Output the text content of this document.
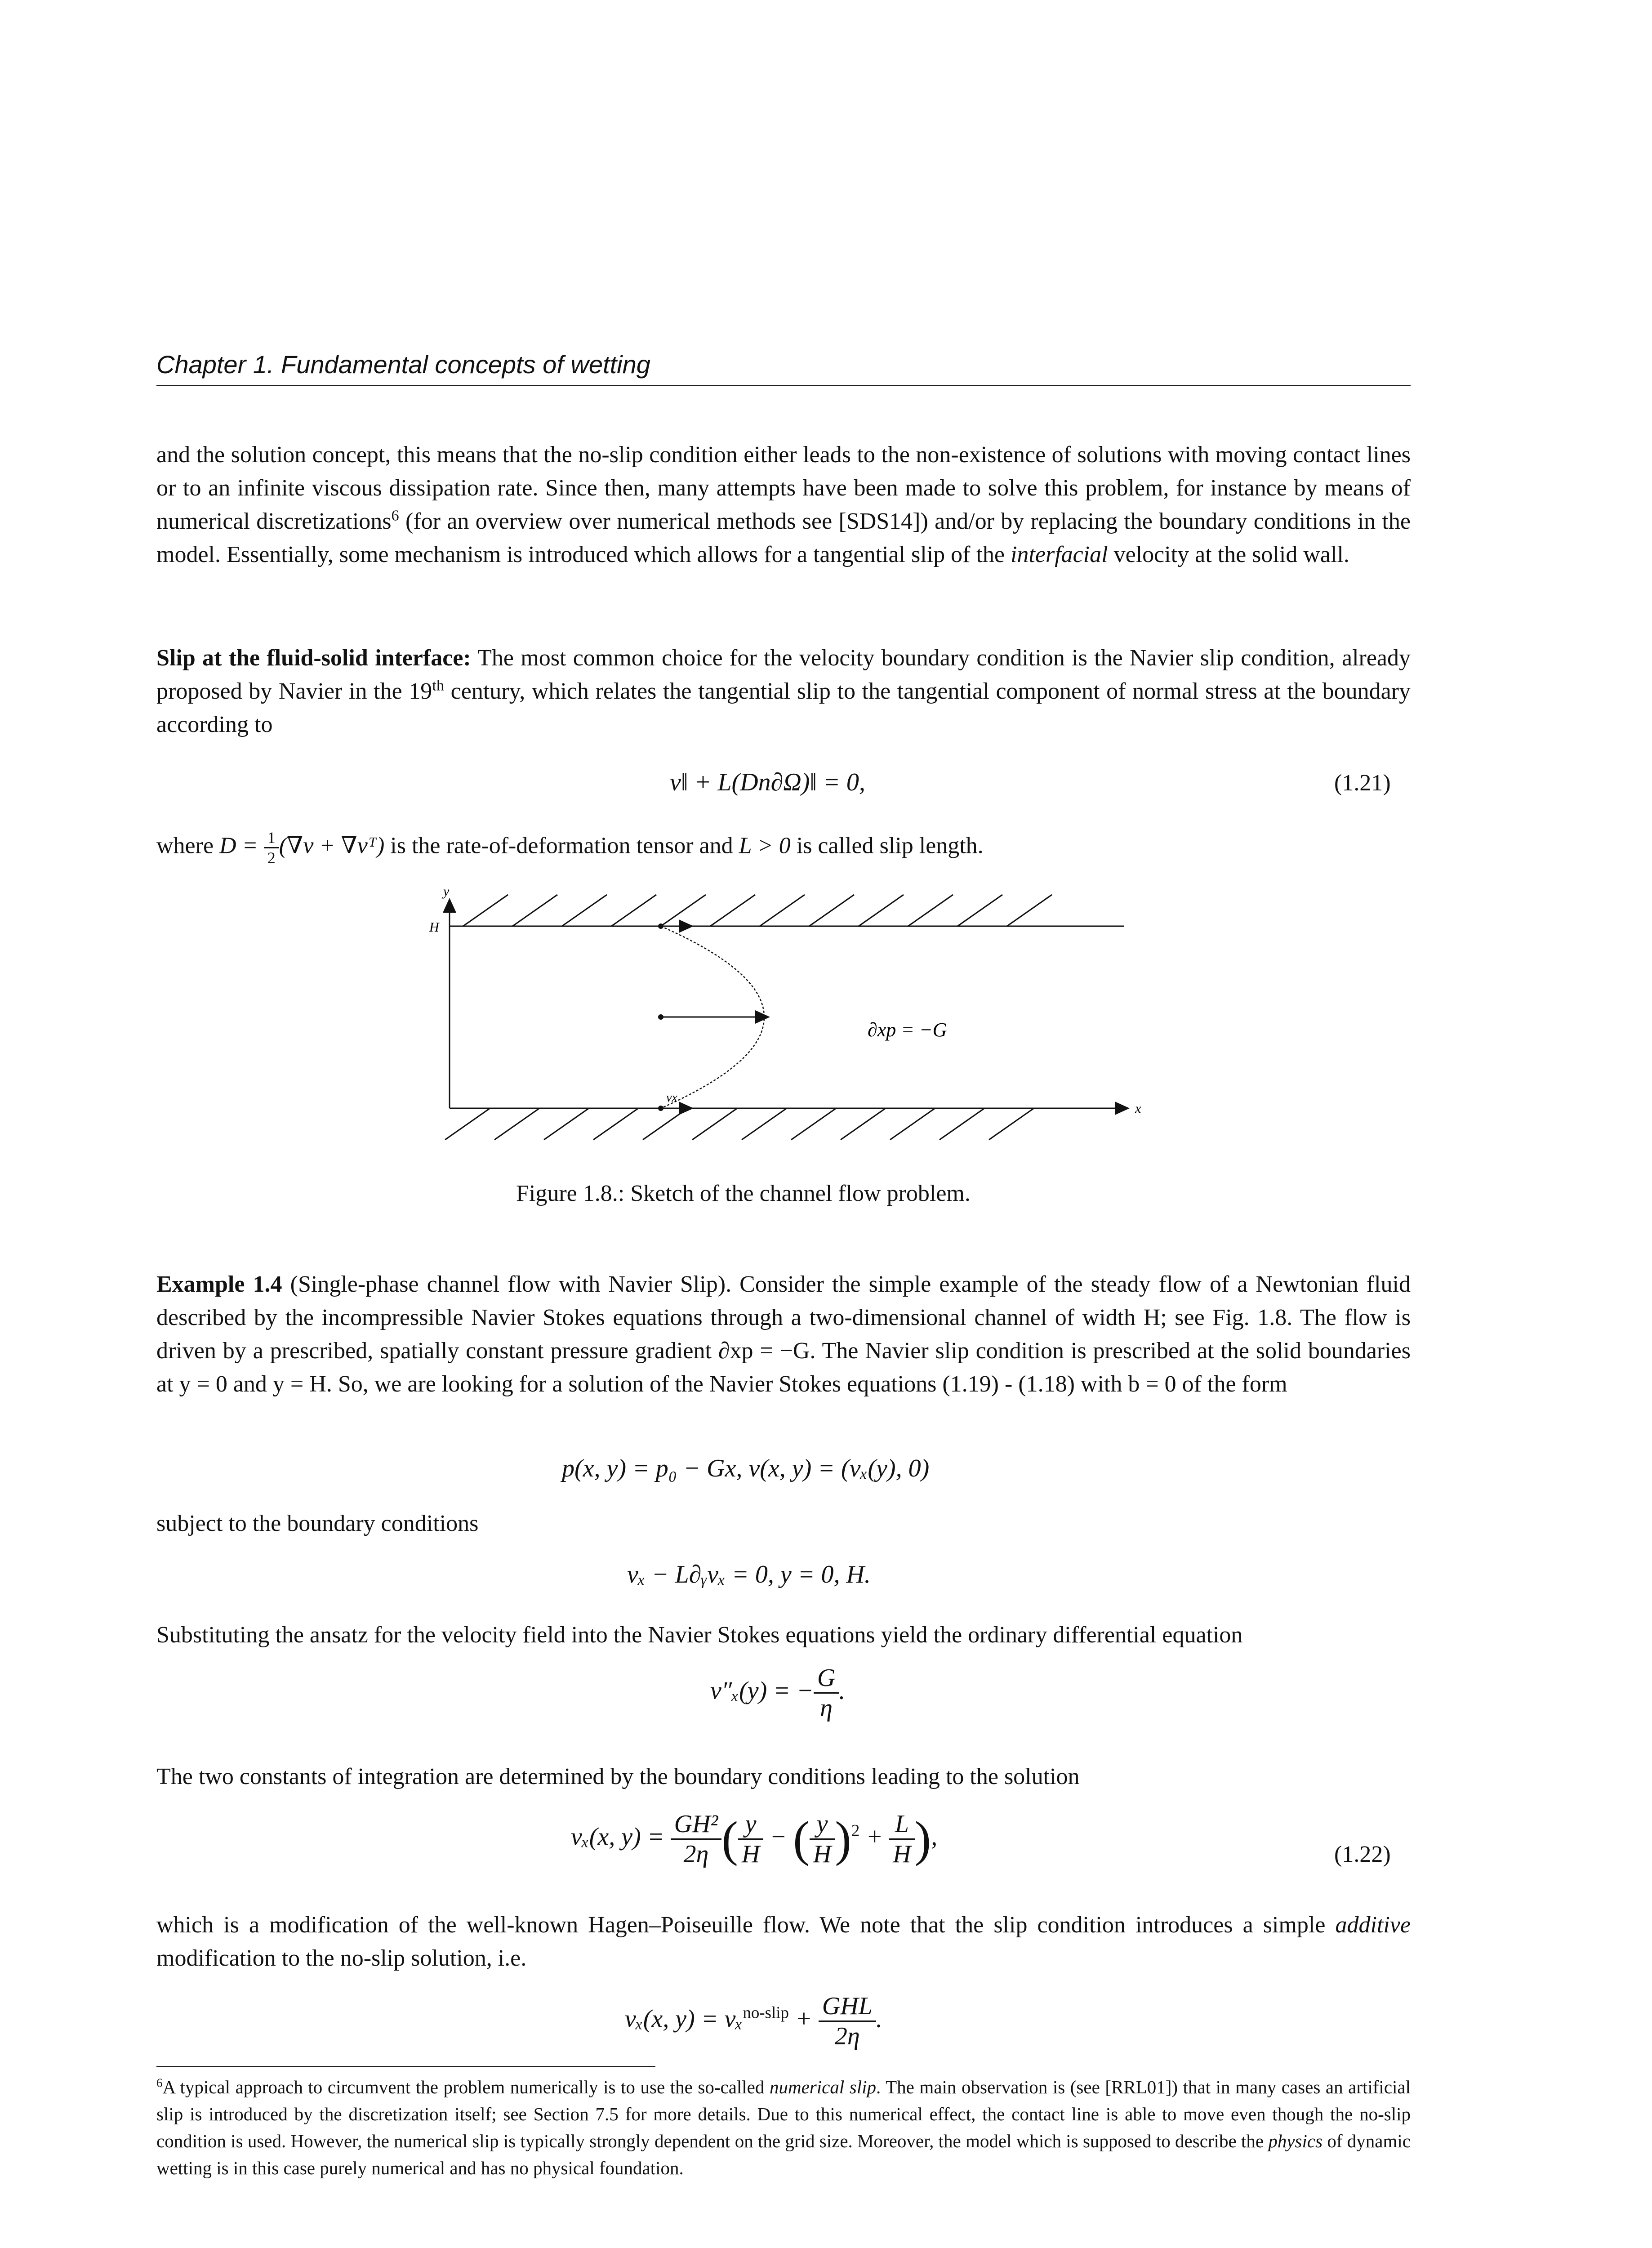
Chapter 1. Fundamental concepts of wetting
and the solution concept, this means that the no-slip condition either leads to the non-existence of solutions with moving contact lines or to an infinite viscous dissipation rate. Since then, many attempts have been made to solve this problem, for instance by means of numerical discretizations$^6$ (for an overview over numerical methods see [SDS14]) and/or by replacing the boundary conditions in the model. Essentially, some mechanism is introduced which allows for a tangential slip of the interfacial velocity at the solid wall.
Slip at the fluid-solid interface: The most common choice for the velocity boundary condition is the Navier slip condition, already proposed by Navier in the 19th century, which relates the tangential slip to the tangential component of normal stress at the boundary according to
v‖ + L(Dn∂Ω)‖ = 0,	(1.21)
where $D = \frac{1}{2} (\nabla v$ + ∇vᵀ) is the rate-of-deformation tensor and L > 0 is called slip length.
y
H
x
vx
∂xp = −G
Figure 1.8.: Sketch of the channel flow problem.
Example 1.4 (Single-phase channel flow with Navier Slip). Consider the simple example of the steady flow of a Newtonian fluid described by the incompressible Navier Stokes equations through a two-dimensional channel of width H; see Fig. 1.8. The flow is driven by a prescribed, spatially constant pressure gradient ∂xp = −G. The Navier slip condition is prescribed at the solid boundaries at y = 0 and y = H. So, we are looking for a solution of the Navier Stokes equations (1.19) - (1.18) with b = 0 of the form
p(x, y) = p₀ − Gx, v(x, y) = (vₓ(y), 0)
subject to the boundary conditions
vₓ − L∂ᵧvₓ = 0, y = 0, H.
Substituting the ansatz for the velocity field into the Navier Stokes equations yield the ordinary differential equation
v″ₓ(y) = − $\frac{G}{\eta}$ .
The two constants of integration are determined by the boundary conditions leading to the solution
vₓ(x, $y) = \frac{\text{GH²}}{2\eta}$ ( $\frac{y}{H}$ − ( $\frac{y}{H} )^2 + \frac{L}{H}$ ),
(1.22)
which is a modification of the well-known Hagen–Poiseuille flow. We note that the slip condition introduces a simple additive modification to the no-slip solution, i.e.
vₓ(x, $y) = v_x^{no-slip} + \frac{\text{GHL}}{2\eta}$ .
$^6$A typical approach to circumvent the problem numerically is to use the so-called numerical slip. The main observation is (see [RRL01]) that in many cases an artificial slip is introduced by the discretization itself; see Section 7.5 for more details. Due to this numerical effect, the contact line is able to move even though the no-slip condition is used. However, the numerical slip is typically strongly dependent on the grid size. Moreover, the model which is supposed to describe the physics of dynamic wetting is in this case purely numerical and has no physical foundation.
